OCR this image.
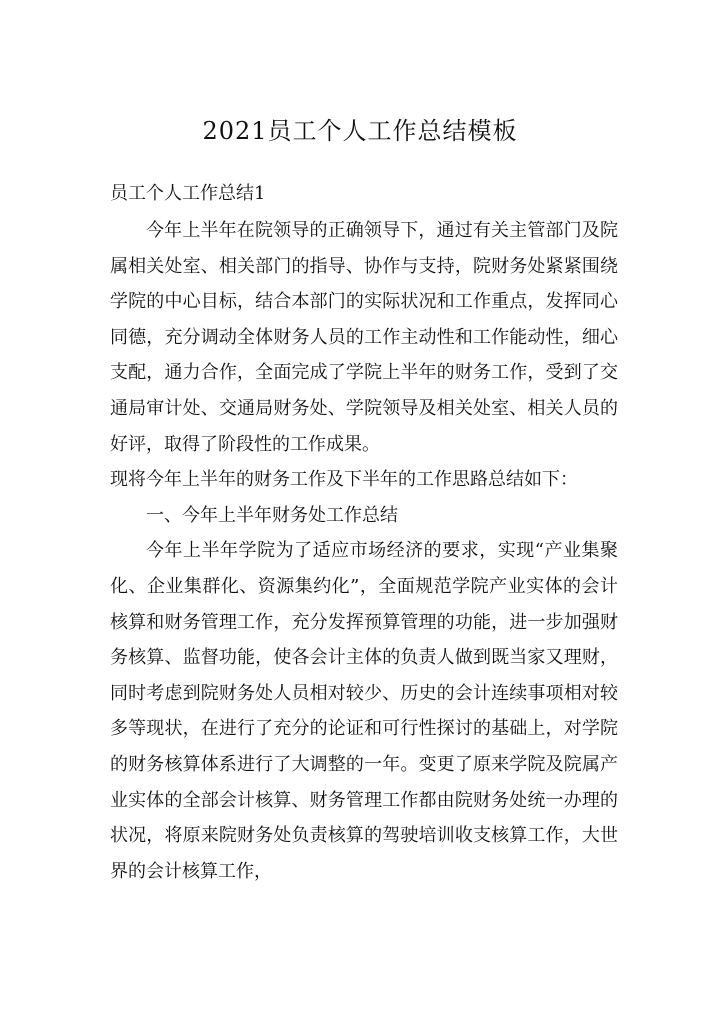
2021员工个人工作总结模板

员工个人工作总结1

今年上半年在院领导的正确领导下，通过有关主管部门及院属相关处室、相关部门的指导、协作与支持，院财务处紧紧围绕学院的中心目标，结合本部门的实际状况和工作重点，发挥同心同德，充分调动全体财务人员的工作主动性和工作能动性，细心支配，通力合作，全面完成了学院上半年的财务工作，受到了交通局审计处、交通局财务处、学院领导及相关处室、相关人员的好评，取得了阶段性的工作成果。

现将今年上半年的财务工作及下半年的工作思路总结如下：

一、今年上半年财务处工作总结

今年上半年学院为了适应市场经济的要求，实现“产业集聚化、企业集群化、资源集约化”，全面规范学院产业实体的会计核算和财务管理工作，充分发挥预算管理的功能，进一步加强财务核算、监督功能，使各会计主体的负责人做到既当家又理财，同时考虑到院财务处人员相对较少、历史的会计连续事项相对较多等现状，在进行了充分的论证和可行性探讨的基础上，对学院的财务核算体系进行了大调整的一年。变更了原来学院及院属产业实体的全部会计核算、财务管理工作都由院财务处统一办理的状况，将原来院财务处负责核算的驾驶培训收支核算工作，大世界的会计核算工作，
